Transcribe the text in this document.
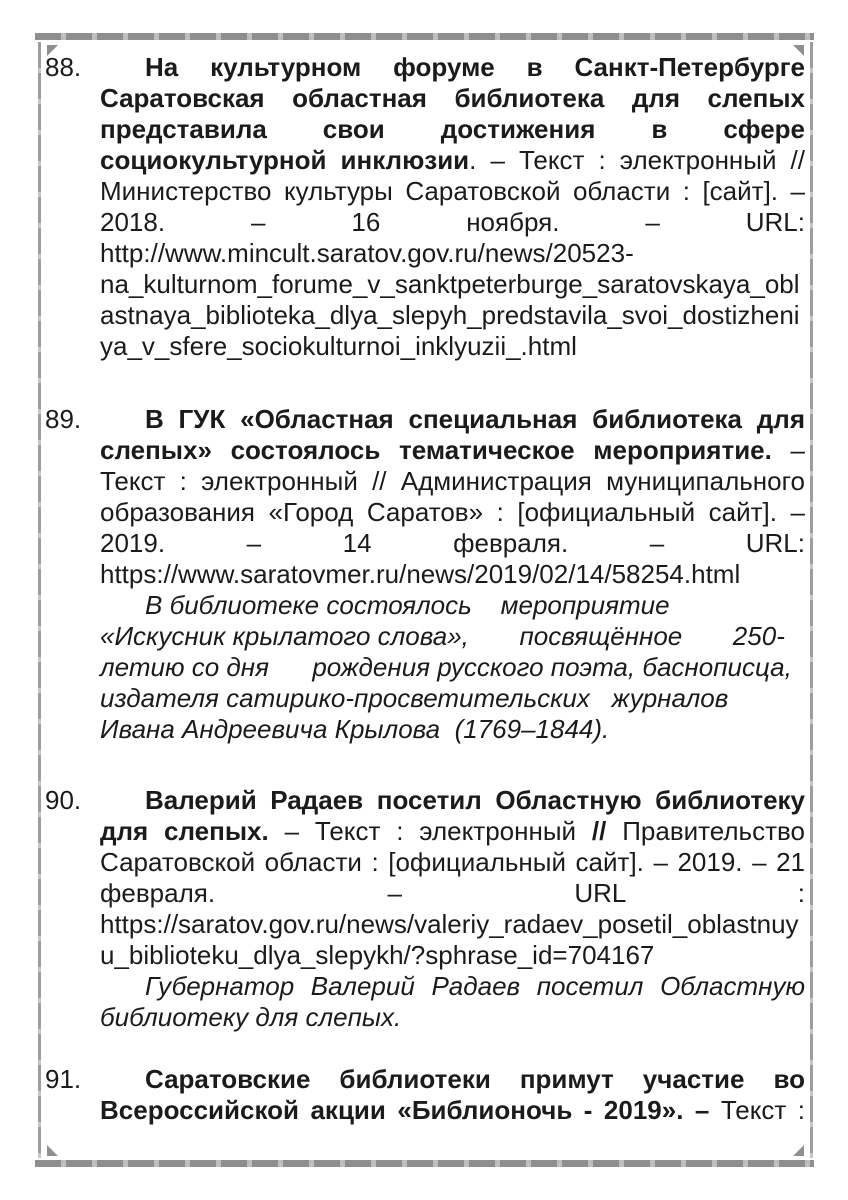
88.	На культурном форуме в Санкт-Петербурге
Саратовская областная библиотека для слепых
представила свои достижения в сфере
социокультурной инклюзии. – Текст : электронный //
Министерство культуры Саратовской области : [сайт]. –
2018. – 16 ноября. – URL:
http://www.mincult.saratov.gov.ru/news/20523-
na_kulturnom_forume_v_sanktpeterburge_saratovskaya_obl
astnaya_biblioteka_dlya_slepyh_predstavila_svoi_dostizheni
ya_v_sfere_sociokulturnoi_inklyuzii_.html
89.	В ГУК «Областная специальная библиотека для
слепых» состоялось тематическое мероприятие. –
Текст : электронный // Администрация муниципального
образования «Город Саратов» : [официальный сайт]. –
2019. – 14 февраля. – URL:
https://www.saratovmer.ru/news/2019/02/14/58254.html
В библиотеке состоялось    мероприятие
«Искусник крылатого слова»,       посвящённое       250-
летию со дня      рождения русского поэта, баснописца,
издателя сатирико-просветительских   журналов
Ивана Андреевича Крылова  (1769–1844).
90.	Валерий Радаев посетил Областную библиотеку
для слепых. – Текст : электронный // Правительство
Саратовской области : [официальный сайт]. – 2019. – 21
февраля. – URL :
https://saratov.gov.ru/news/valeriy_radaev_posetil_oblastnuy
u_biblioteku_dlya_slepykh/?sphrase_id=704167
Губернатор Валерий Радаев посетил Областную
библиотеку для слепых.
91.	Саратовские библиотеки примут участие во
Всероссийской акции «Библионочь - 2019». – Текст :
